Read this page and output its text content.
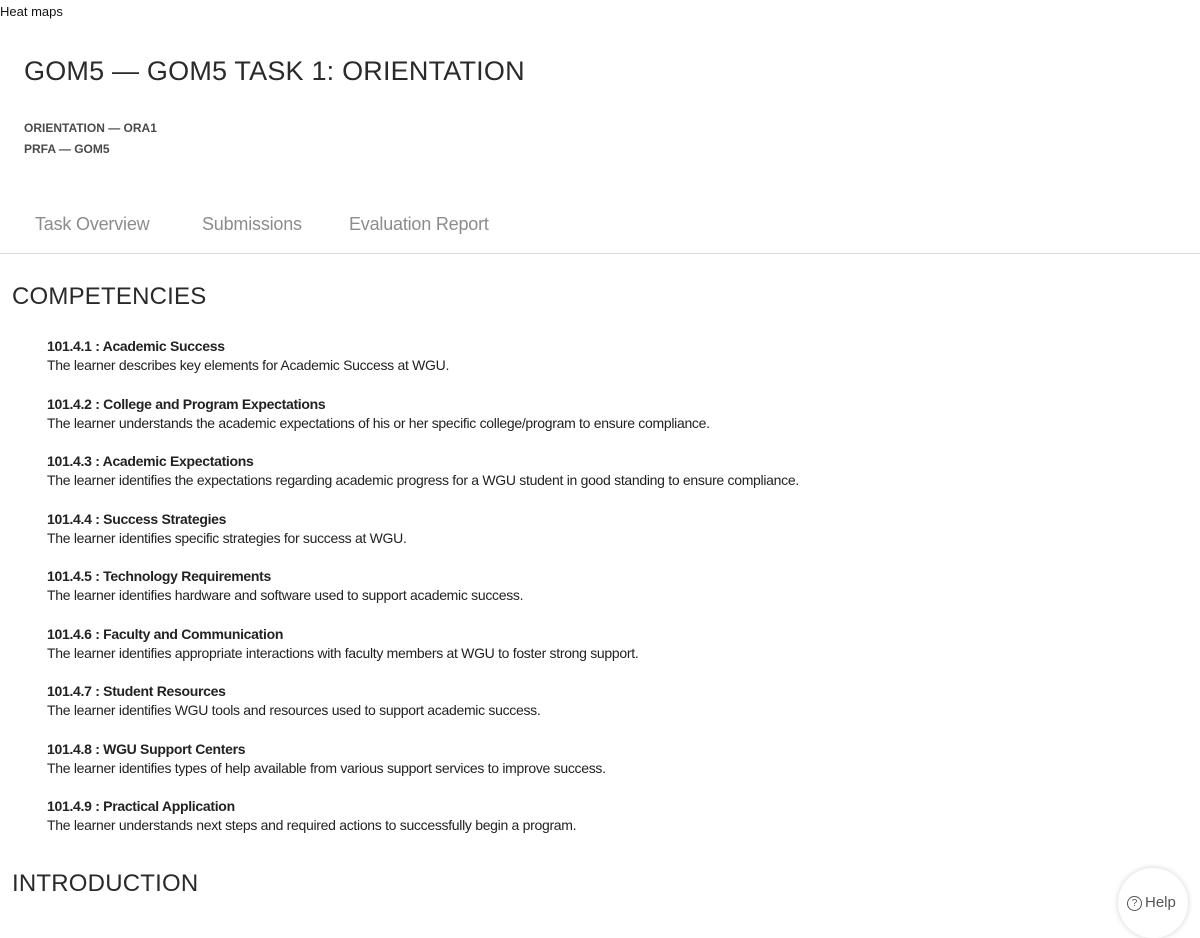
Heat maps
GOM5 — GOM5 TASK 1: ORIENTATION
ORIENTATION — ORA1
PRFA — GOM5
Task Overview	Submissions	Evaluation Report
COMPETENCIES
101.4.1 : Academic Success
The learner describes key elements for Academic Success at WGU.
101.4.2 : College and Program Expectations
The learner understands the academic expectations of his or her specific college/program to ensure compliance.
101.4.3 : Academic Expectations
The learner identifies the expectations regarding academic progress for a WGU student in good standing to ensure compliance.
101.4.4 : Success Strategies
The learner identifies specific strategies for success at WGU.
101.4.5 : Technology Requirements
The learner identifies hardware and software used to support academic success.
101.4.6 : Faculty and Communication
The learner identifies appropriate interactions with faculty members at WGU to foster strong support.
101.4.7 : Student Resources
The learner identifies WGU tools and resources used to support academic success.
101.4.8 : WGU Support Centers
The learner identifies types of help available from various support services to improve success.
101.4.9 : Practical Application
The learner understands next steps and required actions to successfully begin a program.
INTRODUCTION
? Help
